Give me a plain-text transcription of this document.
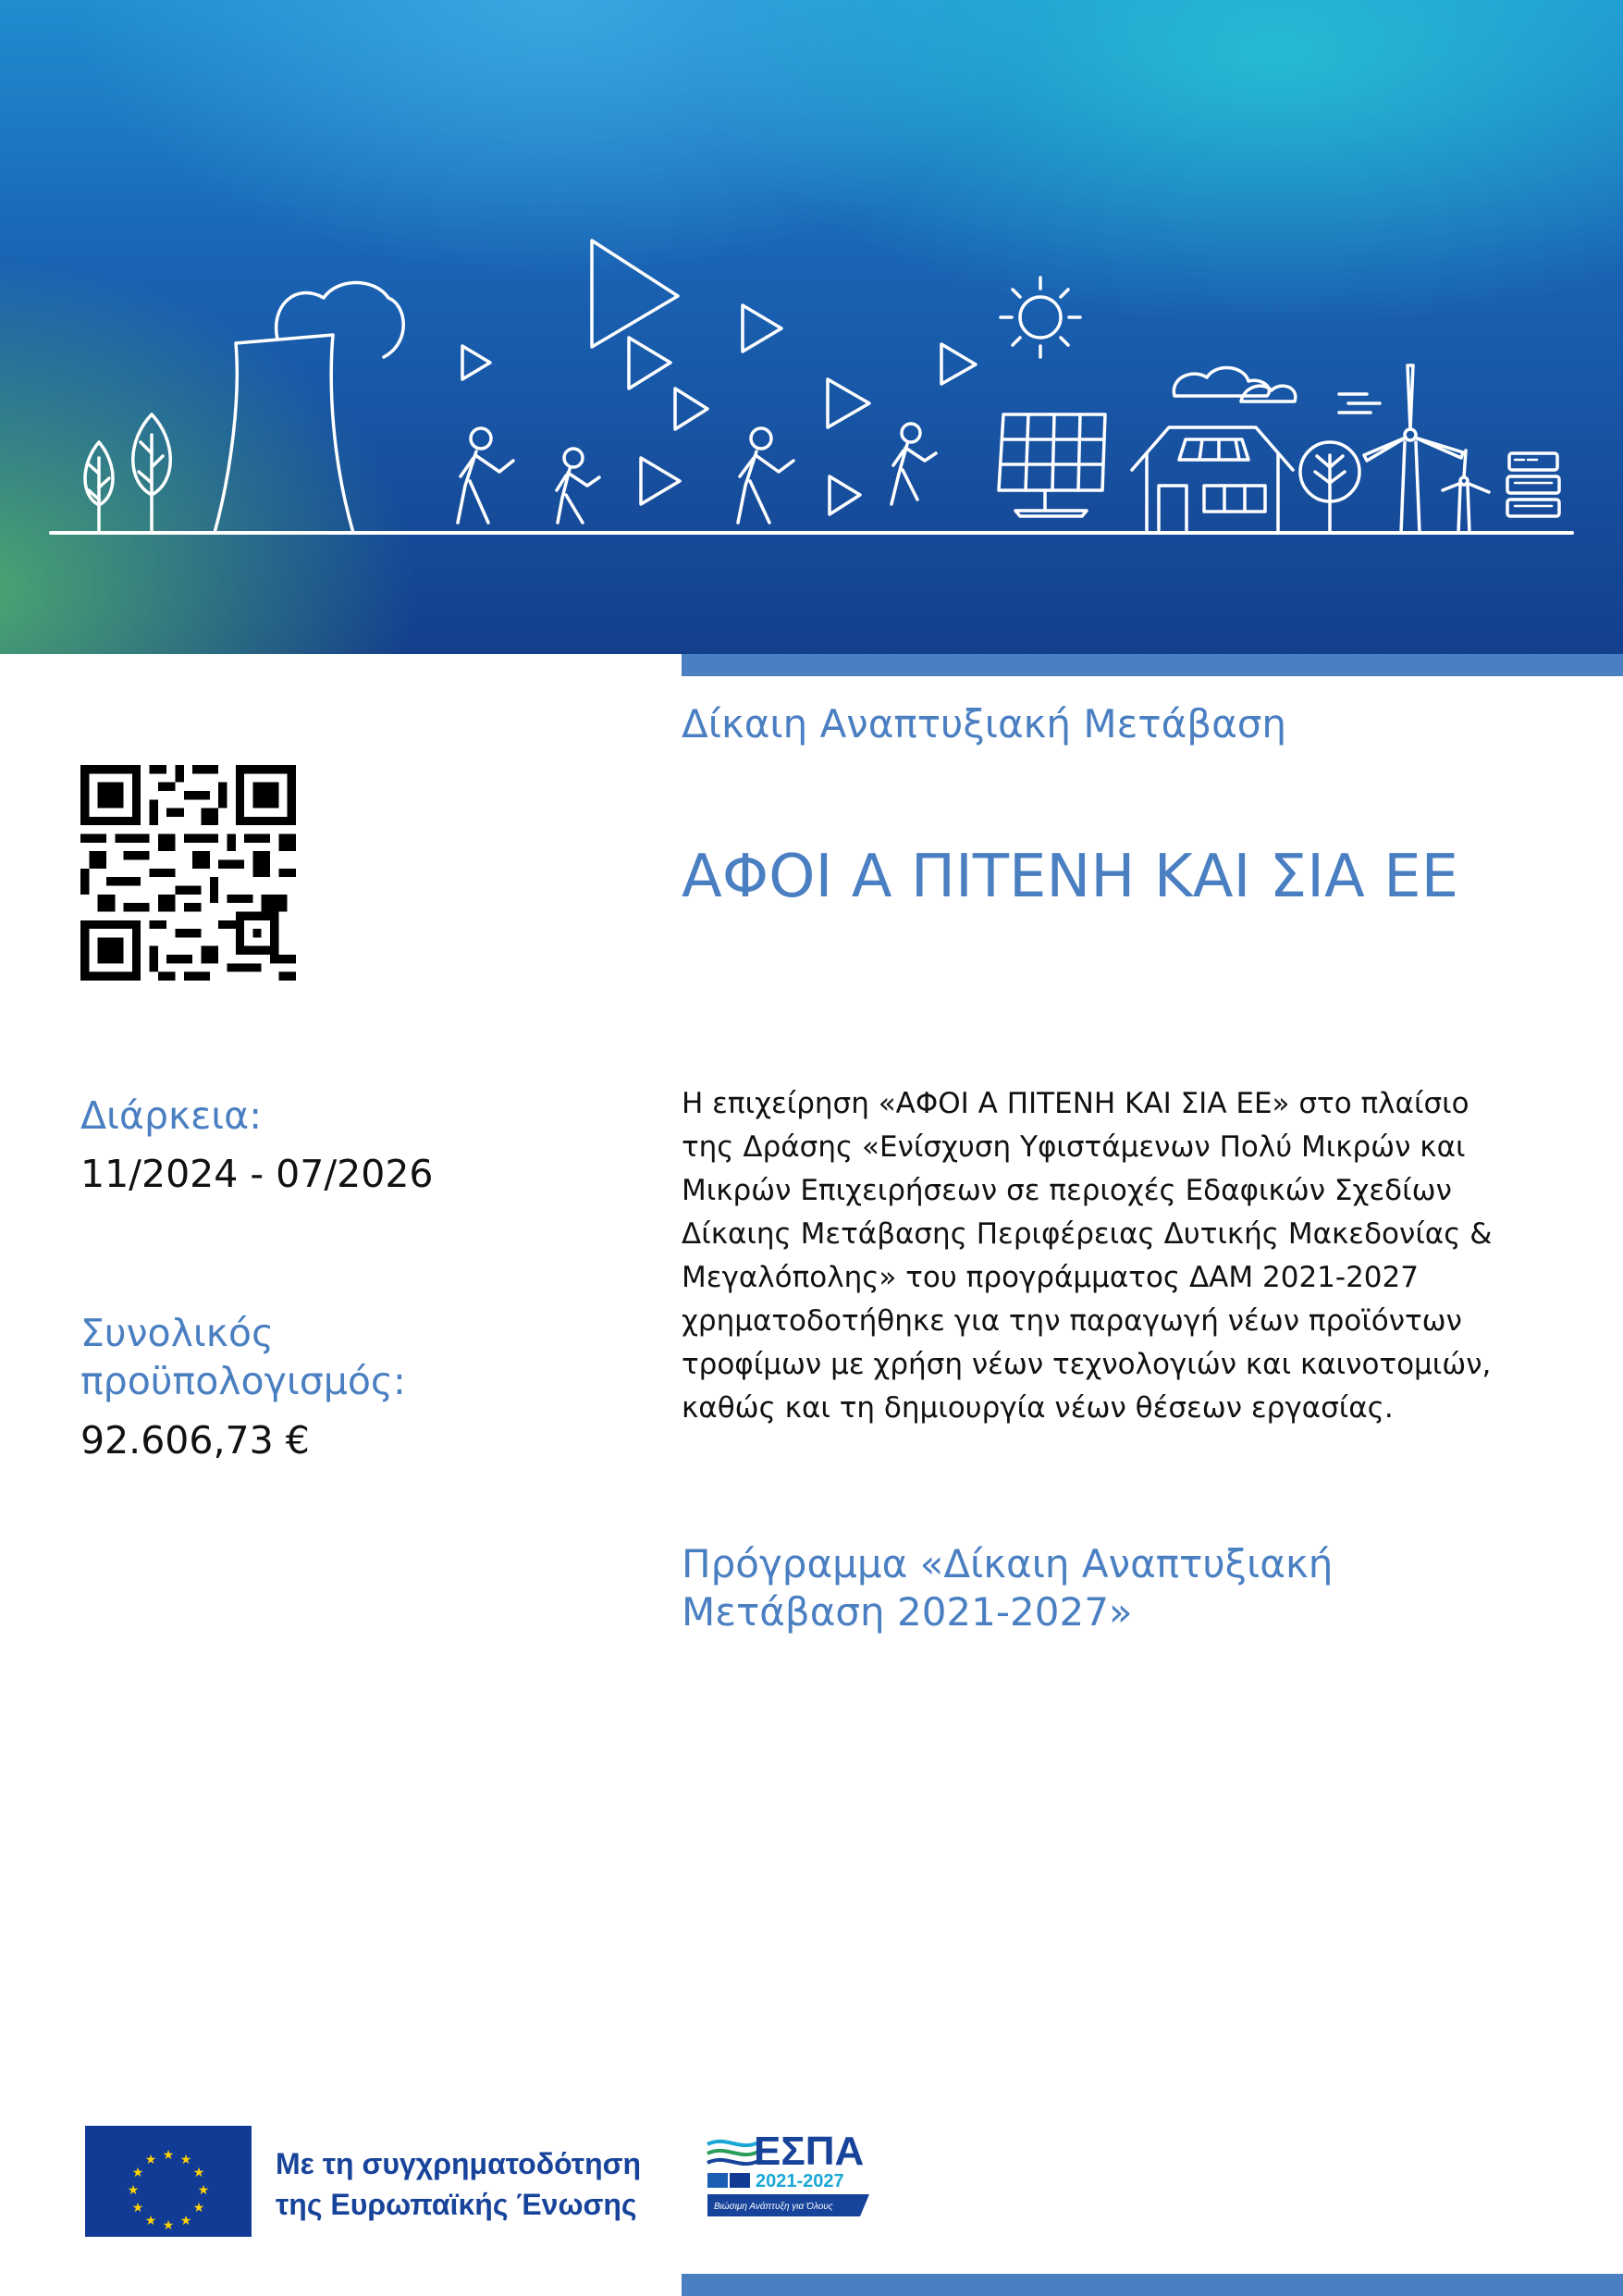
Δίκαιη Αναπτυξιακή Μετάβαση
ΑΦΟΙ Α ΠΙΤΕΝΗ ΚΑΙ ΣΙΑ ΕΕ
Διάρκεια:
11/2024 - 07/2026
Συνολικός προϋπολογισμός:
92.606,73 €
Η επιχείρηση «ΑΦΟΙ Α ΠΙΤΕΝΗ ΚΑΙ ΣΙΑ ΕΕ» στο πλαίσιο της Δράσης «Ενίσχυση Υφιστάμενων Πολύ Μικρών και Μικρών Επιχειρήσεων σε περιοχές Εδαφικών Σχεδίων Δίκαιης Μετάβασης Περιφέρειας Δυτικής Μακεδονίας & Μεγαλόπολης» του προγράμματος ΔΑΜ 2021-2027 χρηματοδοτήθηκε για την παραγωγή νέων προϊόντων τροφίμων με χρήση νέων τεχνολογιών και καινοτομιών, καθώς και τη δημιουργία νέων θέσεων εργασίας.
Πρόγραμμα «Δίκαιη Αναπτυξιακή Μετάβαση 2021-2027»
★ ★
★
★
★
★
★
★
★
★
★
★	Με τη συγχρηματοδότηση
της Ευρωπαϊκής Ένωσης
ΕΣΠΑ
2021-2027
Βιώσιμη Ανάπτυξη για Όλους
